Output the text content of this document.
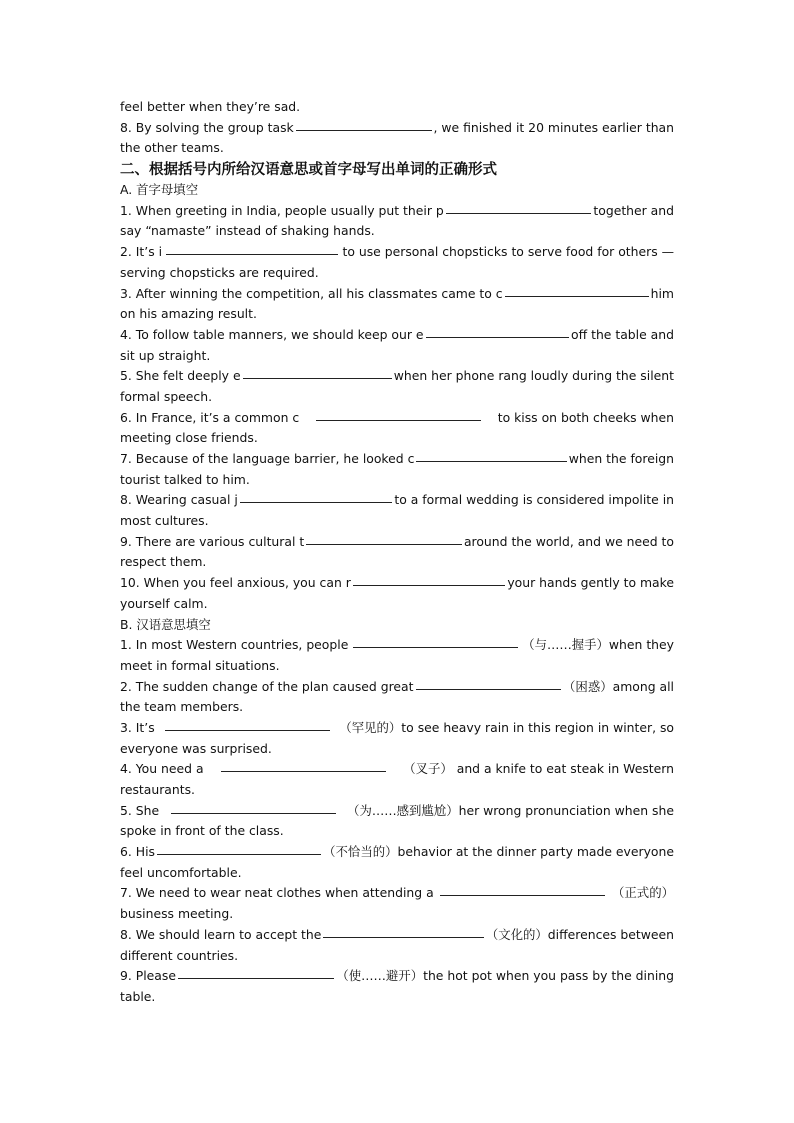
feel better when they’re sad.
8. By solving the group task	, we finished it 20 minutes earlier than
the other teams.
二、根据括号内所给汉语意思或首字母写出单词的正确形式
A. 首字母填空
1. When greeting in India, people usually put their p	together and
say “namaste” instead of shaking hands.
2. It’s i	to use personal chopsticks to serve food for others —
serving chopsticks are required.
3. After winning the competition, all his classmates came to c	him
on his amazing result.
4. To follow table manners, we should keep our e	off the table and
sit up straight.
5. She felt deeply e	when her phone rang loudly during the silent
formal speech.
6. In France, it’s a common c	to kiss on both cheeks when
meeting close friends.
7. Because of the language barrier, he looked c	when the foreign
tourist talked to him.
8. Wearing casual j	to a formal wedding is considered impolite in
most cultures.
9. There are various cultural t	around the world, and we need to
respect them.
10. When you feel anxious, you can r	your hands gently to make
yourself calm.
B. 汉语意思填空
1. In most Western countries, people	（与……握手）when they
meet in formal situations.
2. The sudden change of the plan caused great	（困惑）among all
the team members.
3. It’s	（罕见的）to see heavy rain in this region in winter, so
everyone was surprised.
4. You need a	（叉子） and a knife to eat steak in Western
restaurants.
5. She	（为……感到尴尬）her wrong pronunciation when she
spoke in front of the class.
6. His	（不恰当的）behavior at the dinner party made everyone
feel uncomfortable.
7. We need to wear neat clothes when attending a	（正式的）
business meeting.
8. We should learn to accept the	（文化的）differences between
different countries.
9. Please	（使……避开）the hot pot when you pass by the dining
table.
